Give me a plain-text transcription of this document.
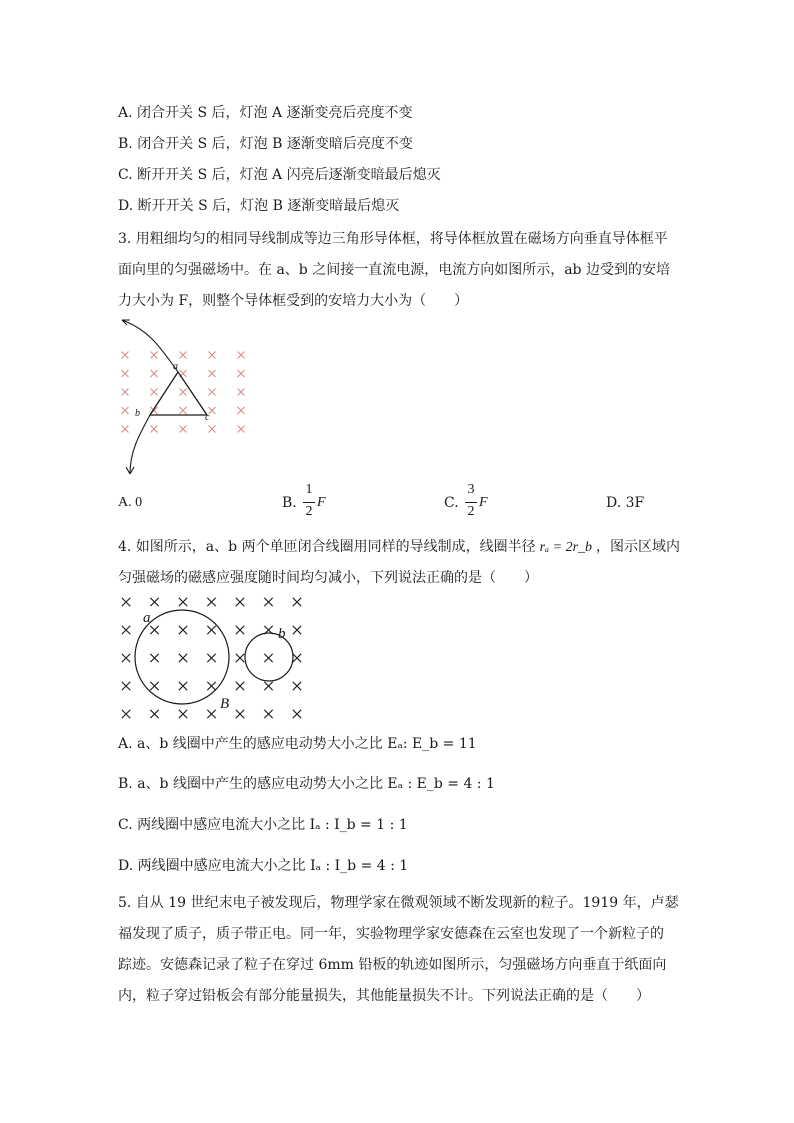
A. 闭合开关 S 后，灯泡 A 逐渐变亮后亮度不变
B. 闭合开关 S 后，灯泡 B 逐渐变暗后亮度不变
C. 断开开关 S 后，灯泡 A 闪亮后逐渐变暗最后熄灭
D. 断开开关 S 后，灯泡 B 逐渐变暗最后熄灭
3. 用粗细均匀的相同导线制成等边三角形导体框，将导体框放置在磁场方向垂直导体框平
面向里的匀强磁场中。在 a、b 之间接一直流电源，电流方向如图所示，ab 边受到的安培
力大小为 F，则整个导体框受到的安培力大小为（　　）
a
b	c
A. 0	B.
1
2
F	C.
3
2
F	D. 3F
4. 如图所示，a、b 两个单匝闭合线圈用同样的导线制成，线圈半径 rₐ = 2r_b ，图示区域内
匀强磁场的磁感应强度随时间均匀减小，下列说法正确的是（　　）
a
b
B
A. a、b 线圈中产生的感应电动势大小之比 Eₐ: E_b = 11
B. a、b 线圈中产生的感应电动势大小之比 Eₐ : E_b = 4 : 1
C. 两线圈中感应电流大小之比 Iₐ : I_b = 1 : 1
D. 两线圈中感应电流大小之比 Iₐ : I_b = 4 : 1
5. 自从 19 世纪末电子被发现后，物理学家在微观领域不断发现新的粒子。1919 年，卢瑟
福发现了质子，质子带正电。同一年，实验物理学家安德森在云室也发现了一个新粒子的
踪迹。安德森记录了粒子在穿过 6mm 铅板的轨迹如图所示，匀强磁场方向垂直于纸面向
内，粒子穿过铅板会有部分能量损失，其他能量损失不计。下列说法正确的是（　　）
